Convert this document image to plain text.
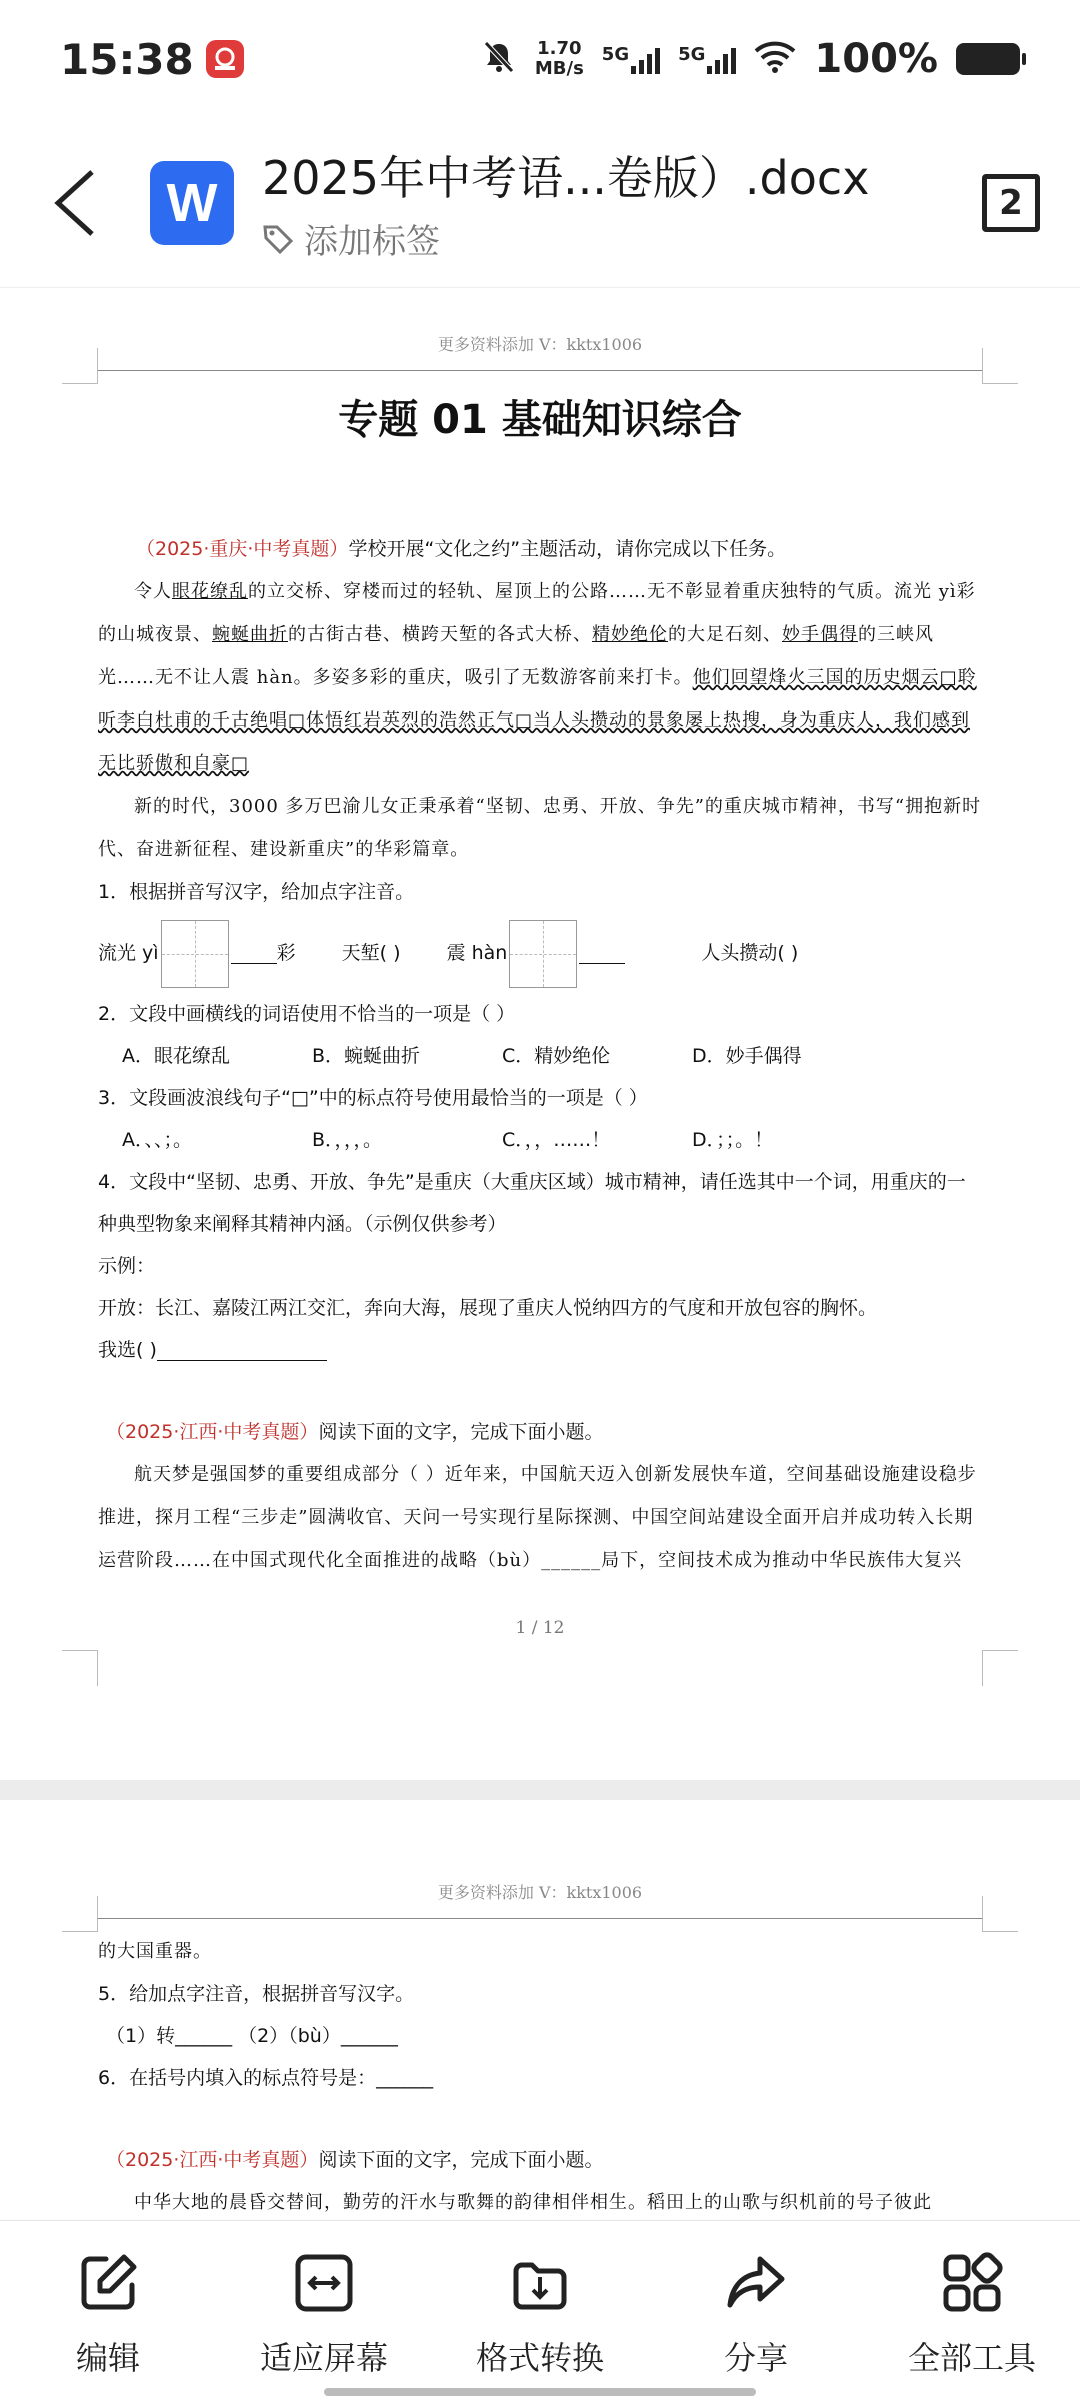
15:38	1.70
MB/s
5G	5G	100%
W 2025年中考语...卷版）.docx
添加标签
2
更多资料添加 V：kktx1006
专题 01 基础知识综合
（2025·重庆·中考真题）学校开展“文化之约”主题活动，请你完成以下任务。
令人眼花缭乱的立交桥、穿楼而过的轻轨、屋顶上的公路……无不彰显着重庆独特的气质。流光 yì彩的山城夜景、蜿蜒曲折的古街古巷、横跨天堑的各式大桥、精妙绝伦的大足石刻、妙手偶得的三峡风光……无不让人震 hàn。多姿多彩的重庆，吸引了无数游客前来打卡。他们回望烽火三国的历史烟云□聆听李白杜甫的千古绝唱□体悟红岩英烈的浩然正气□当人头攒动的景象屡上热搜，身为重庆人，我们感到无比骄傲和自豪□
新的时代，3000 多万巴渝儿女正秉承着“坚韧、忠勇、开放、争先”的重庆城市精神，书写“拥抱新时代、奋进新征程、建设新重庆”的华彩篇章。
1．根据拼音写汉字，给加点字注音。
流光 yì	彩 天堑( ) 震 hàn	人头攒动( )
2．文段中画横线的词语使用不恰当的一项是（ ）
A．眼花缭乱	B．蜿蜒曲折	C．精妙绝伦	D．妙手偶得
3．文段画波浪线句子“□”中的标点符号使用最恰当的一项是（ ）
A．、、；。	B．，，，。	C．，，……！	D．；；。！
4．文段中“坚韧、忠勇、开放、争先”是重庆（大重庆区域）城市精神，请任选其中一个词，用重庆的一
种典型物象来阐释其精神内涵。（示例仅供参考）
示例：
开放：长江、嘉陵江两江交汇，奔向大海，展现了重庆人悦纳四方的气度和开放包容的胸怀。
我选( )
（2025·江西·中考真题）阅读下面的文字，完成下面小题。
航天梦是强国梦的重要组成部分（ ）近年来，中国航天迈入创新发展快车道，空间基础设施建设稳步推进，探月工程“三步走”圆满收官、天问一号实现行星际探测、中国空间站建设全面开启并成功转入长期运营阶段……在中国式现代化全面推进的战略（bù）______局下，空间技术成为推动中华民族伟大复兴
1 / 12
更多资料添加 V：kktx1006
的大国重器。
5．给加点字注音，根据拼音写汉字。
（1）转______ （2）（bù）______
6．在括号内填入的标点符号是：______
（2025·江西·中考真题）阅读下面的文字，完成下面小题。
中华大地的晨昏交替间，勤劳的汗水与歌舞的韵律相伴相生。稻田上的山歌与织机前的号子彼此
编辑	适应屏幕	格式转换	分享	全部工具
